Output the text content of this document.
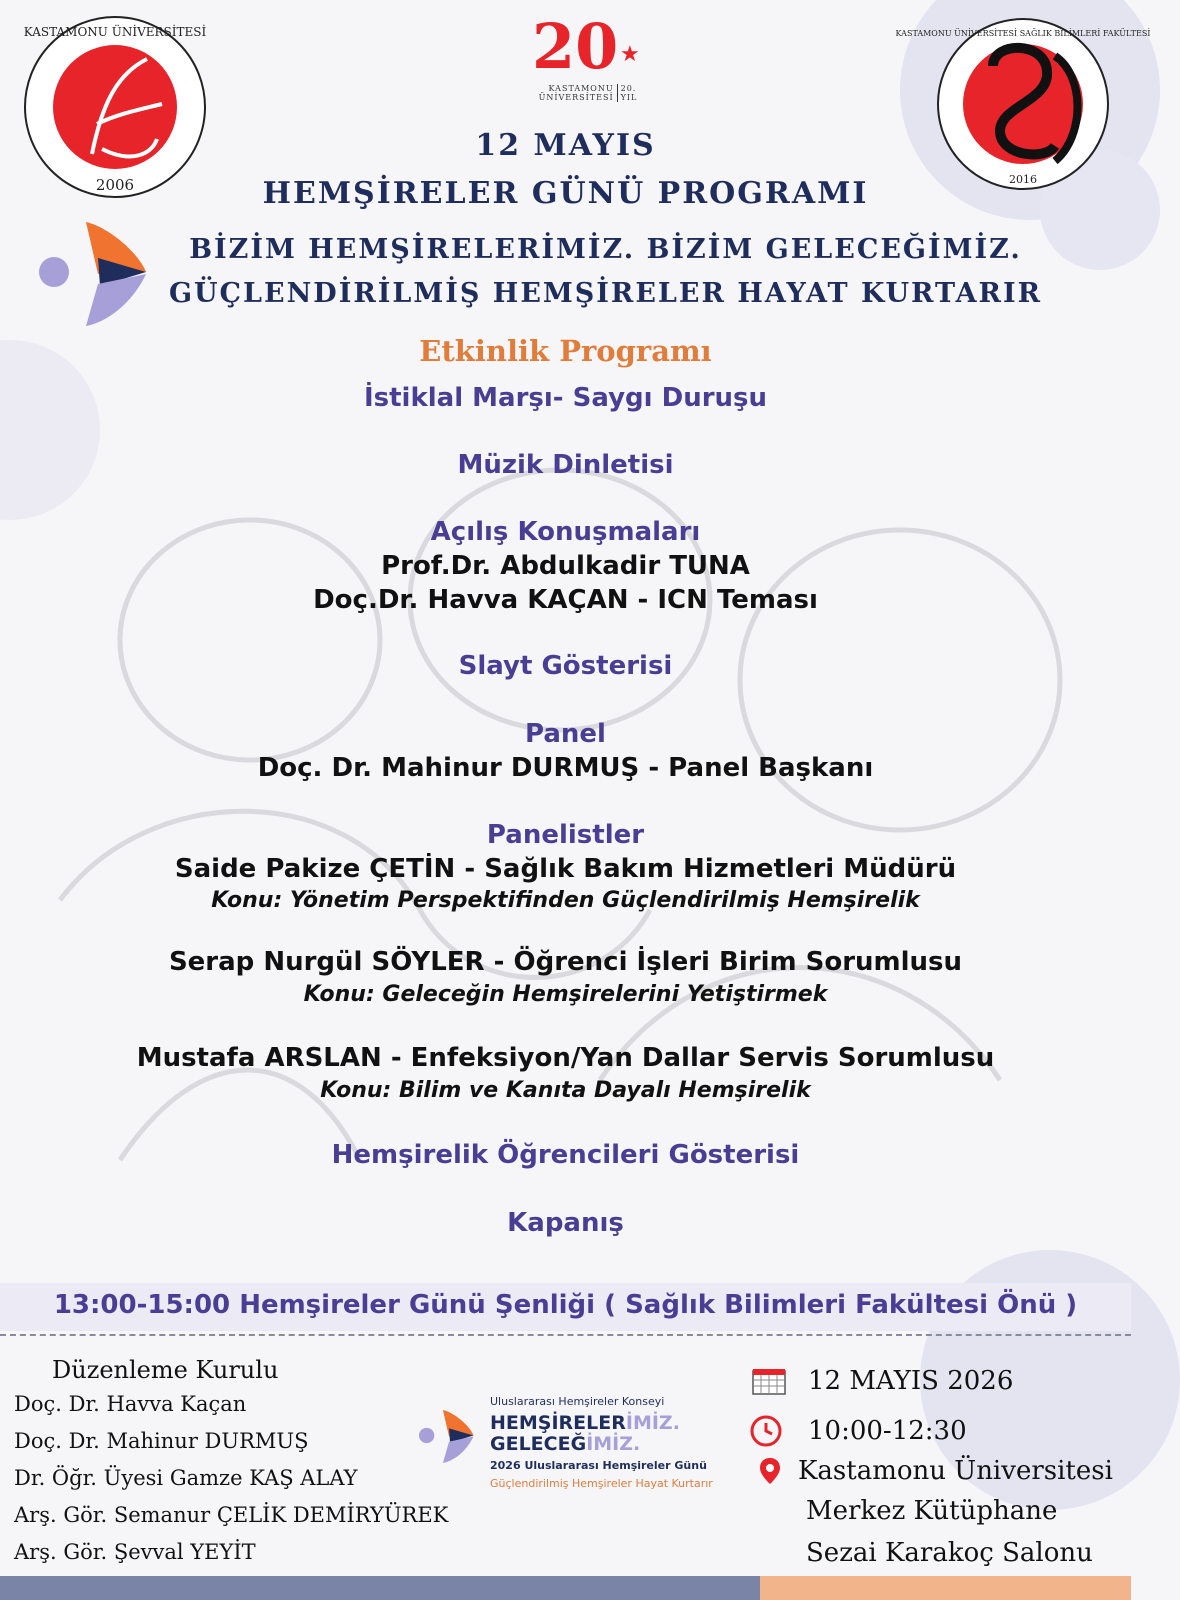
KASTAMONU ÜNİVERSİTESİ
2006
20 ★
KASTAMONU
ÜNİVERSİTESİ
20.
YIL
KASTAMONU ÜNİVERSİTESİ SAĞLIK BİLİMLERİ FAKÜLTESİ
2016
12 MAYIS
HEMŞİRELER GÜNÜ PROGRAMI
BİZİM HEMŞİRELERİMİZ. BİZİM GELECEĞİMİZ.
GÜÇLENDİRİLMİŞ HEMŞİRELER HAYAT KURTARIR
Etkinlik Programı
İstiklal Marşı- Saygı Duruşu
Müzik Dinletisi
Açılış Konuşmaları
Prof.Dr. Abdulkadir TUNA
Doç.Dr. Havva KAÇAN - ICN Teması
Slayt Gösterisi
Panel
Doç. Dr. Mahinur DURMUŞ - Panel Başkanı
Panelistler
Saide Pakize ÇETİN - Sağlık Bakım Hizmetleri Müdürü
Konu: Yönetim Perspektifinden Güçlendirilmiş Hemşirelik
Serap Nurgül SÖYLER - Öğrenci İşleri Birim Sorumlusu
Konu: Geleceğin Hemşirelerini Yetiştirmek
Mustafa ARSLAN - Enfeksiyon/Yan Dallar Servis Sorumlusu
Konu: Bilim ve Kanıta Dayalı Hemşirelik
Hemşirelik Öğrencileri Gösterisi
Kapanış
13:00-15:00 Hemşireler Günü Şenliği ( Sağlık Bilimleri Fakültesi Önü )
Düzenleme Kurulu
Doç. Dr. Havva Kaçan
Doç. Dr. Mahinur DURMUŞ
Dr. Öğr. Üyesi Gamze KAŞ ALAY
Arş. Gör. Semanur ÇELİK DEMİRYÜREK
Arş. Gör. Şevval YEYİT
Uluslararası Hemşireler Konseyi
HEMŞİRELERİMİZ.
GELECEĞİMİZ.
2026 Uluslararası Hemşireler Günü
Güçlendirilmiş Hemşireler Hayat Kurtarır
12 MAYIS 2026
10:00-12:30
Kastamonu Üniversitesi
Merkez Kütüphane
Sezai Karakoç Salonu
